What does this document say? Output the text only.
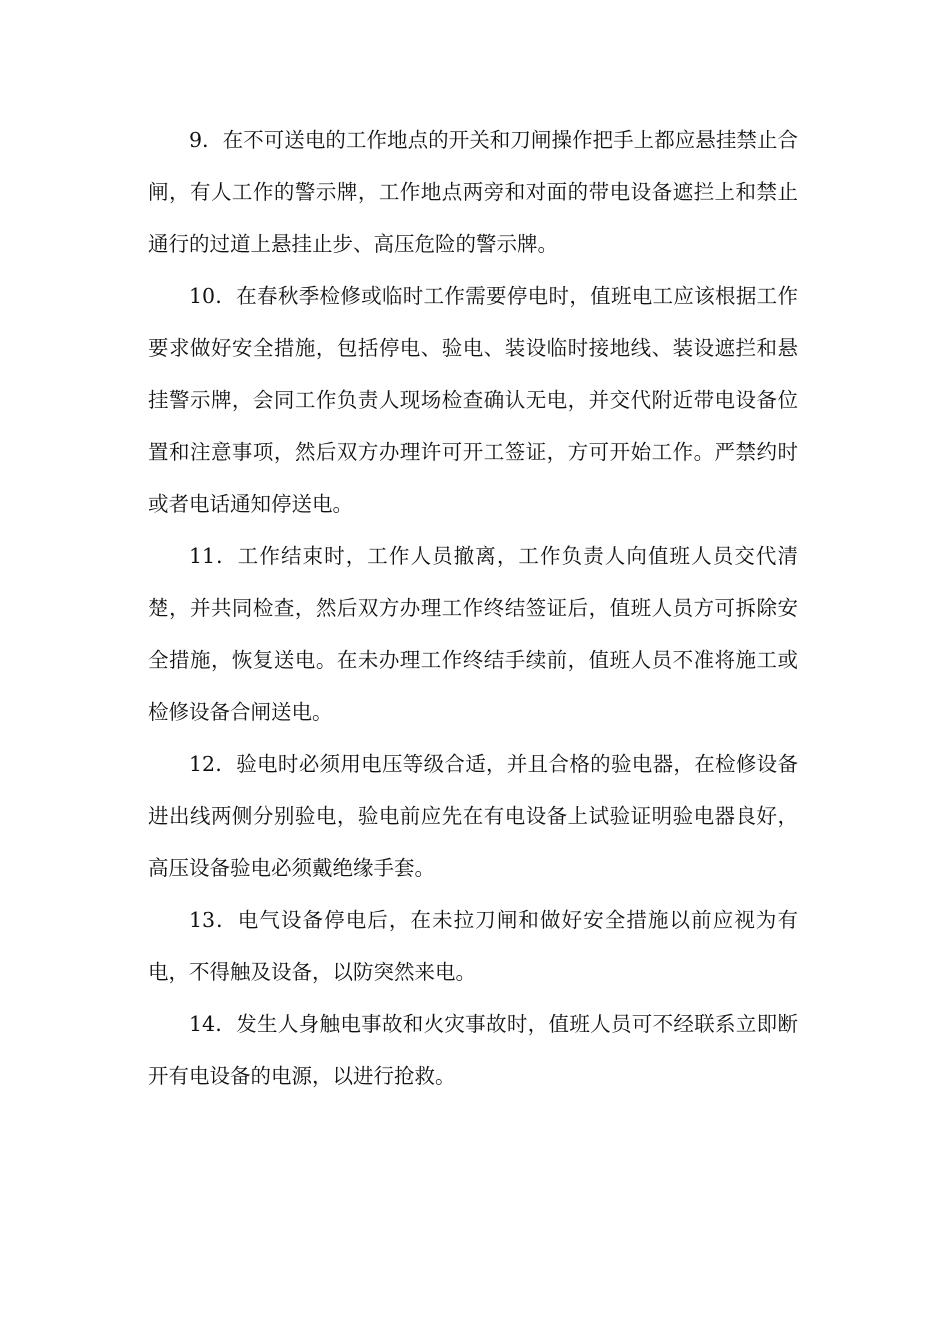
9．在不可送电的工作地点的开关和刀闸操作把手上都应悬挂禁止合闸，有人工作的警示牌，工作地点两旁和对面的带电设备遮拦上和禁止通行的过道上悬挂止步、高压危险的警示牌。

10．在春秋季检修或临时工作需要停电时，值班电工应该根据工作要求做好安全措施，包括停电、验电、装设临时接地线、装设遮拦和悬挂警示牌，会同工作负责人现场检查确认无电，并交代附近带电设备位置和注意事项，然后双方办理许可开工签证，方可开始工作。严禁约时或者电话通知停送电。

11．工作结束时，工作人员撤离，工作负责人向值班人员交代清楚，并共同检查，然后双方办理工作终结签证后，值班人员方可拆除安全措施，恢复送电。在未办理工作终结手续前，值班人员不准将施工或检修设备合闸送电。

12．验电时必须用电压等级合适，并且合格的验电器，在检修设备进出线两侧分别验电，验电前应先在有电设备上试验证明验电器良好，高压设备验电必须戴绝缘手套。

13．电气设备停电后，在未拉刀闸和做好安全措施以前应视为有电，不得触及设备，以防突然来电。

14．发生人身触电事故和火灾事故时，值班人员可不经联系立即断开有电设备的电源，以进行抢救。
